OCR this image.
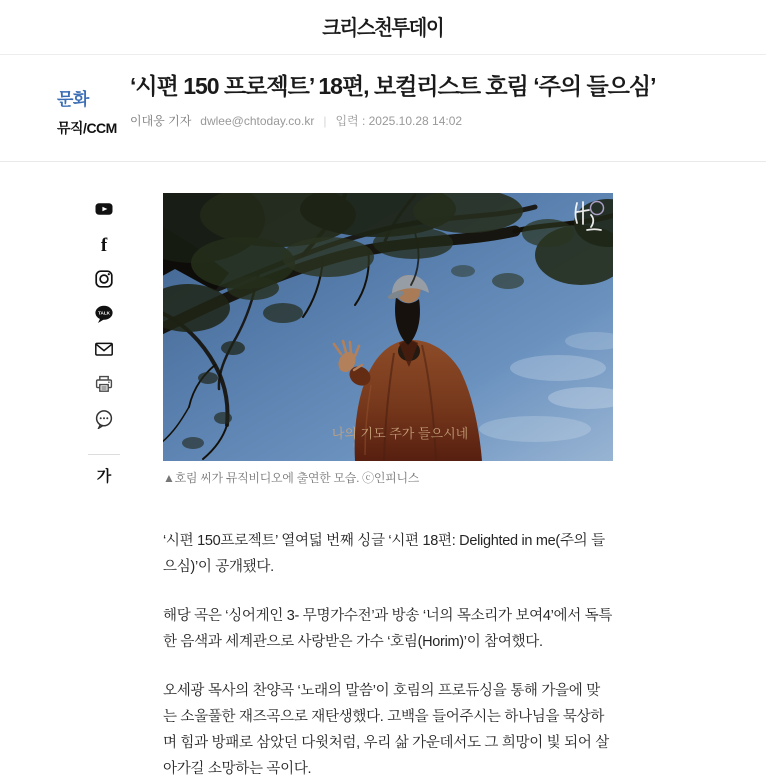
크리스천투데이
문화
뮤직/CCM
‘시편 150 프로젝트’ 18편, 보컬리스트 호림 ‘주의 들으심’
이대웅 기자 dwlee@chtoday.co.kr | 입력 : 2025.10.28 14:02
f
TALK
가
나의 기도 주가 들으시네
▲호림 씨가 뮤직비디오에 출연한 모습. ⓒ인피니스

‘시편 150프로젝트’ 열여덟 번째 싱글 ‘시편 18편: Delighted in me(주의 들으심)’이 공개됐다.

해당 곡은 ‘싱어게인 3- 무명가수전’과 방송 ‘너의 목소리가 보여4’에서 독특한 음색과 세계관으로 사랑받은 가수 ‘호림(Horim)’이 참여했다.

오세광 목사의 찬양곡 ‘노래의 말씀’이 호림의 프로듀싱을 통해 가을에 맞는 소울풀한 재즈곡으로 재탄생했다. 고백을 들어주시는 하나님을 묵상하며 힘과 방패로 삼았던 다윗처럼, 우리 삶 가운데서도 그 희망이 빛 되어 살아가길 소망하는 곡이다.
